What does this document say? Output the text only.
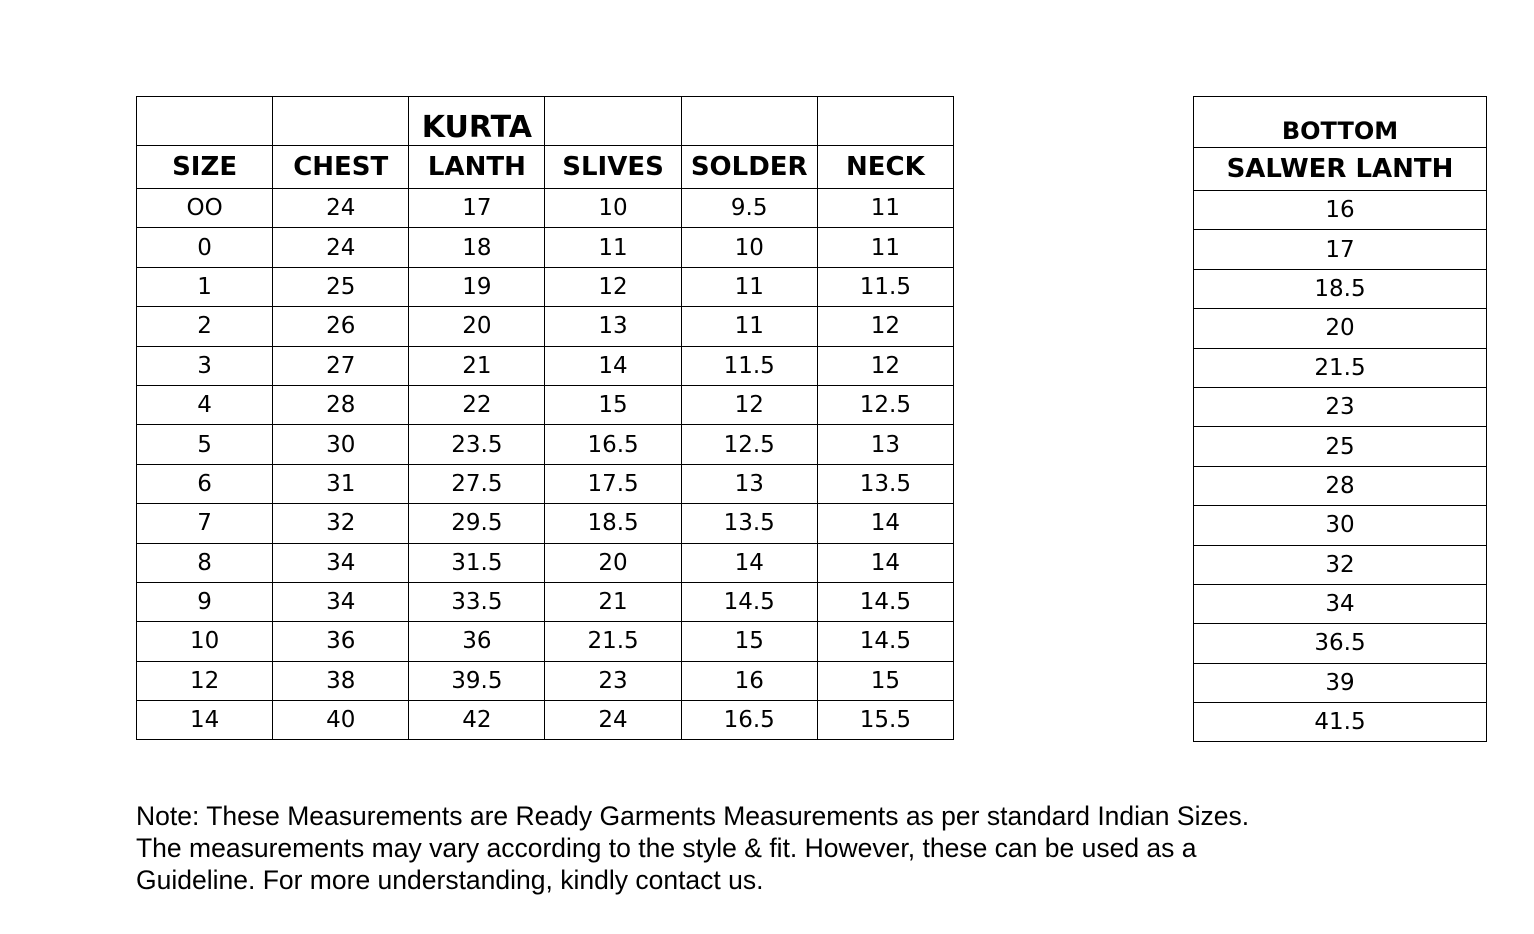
		KURTA			
SIZE	CHEST	LANTH	SLIVES	SOLDER	NECK
OO	24	17	10	9.5	11
0	24	18	11	10	11
1	25	19	12	11	11.5
2	26	20	13	11	12
3	27	21	14	11.5	12
4	28	22	15	12	12.5
5	30	23.5	16.5	12.5	13
6	31	27.5	17.5	13	13.5
7	32	29.5	18.5	13.5	14
8	34	31.5	20	14	14
9	34	33.5	21	14.5	14.5
10	36	36	21.5	15	14.5
12	38	39.5	23	16	15
14	40	42	24	16.5	15.5
BOTTOM
SALWER LANTH
16
17
18.5
20
21.5
23
25
28
30
32
34
36.5
39
41.5
Note: These Measurements are Ready Garments Measurements as per standard Indian Sizes.
The measurements may vary according to the style & fit. However, these can be used as a
Guideline. For more understanding, kindly contact us.
